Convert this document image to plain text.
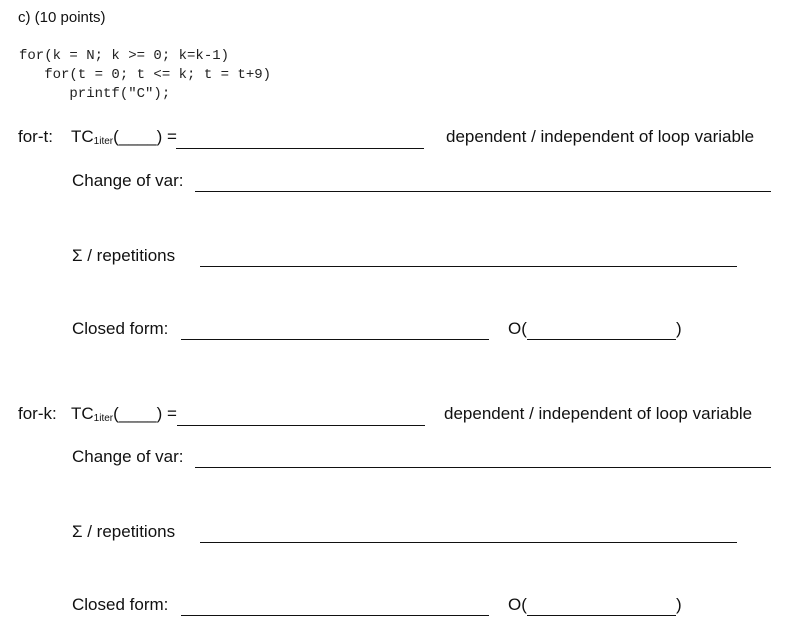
c) (10 points)
for(k = N; k >= 0; k=k-1)
for(t = 0; t <= k; t = t+9)
printf("C");
for-t: $TC_{1iter}(\_\_\_\_)$ =	dependent / independent of loop variable
Change of var:
Σ / repetitions
Closed form:	O(	)
for-k: $TC_{1iter}(\_\_\_\_)$ =	dependent / independent of loop variable
Change of var:
Σ / repetitions
Closed form:	O(	)
